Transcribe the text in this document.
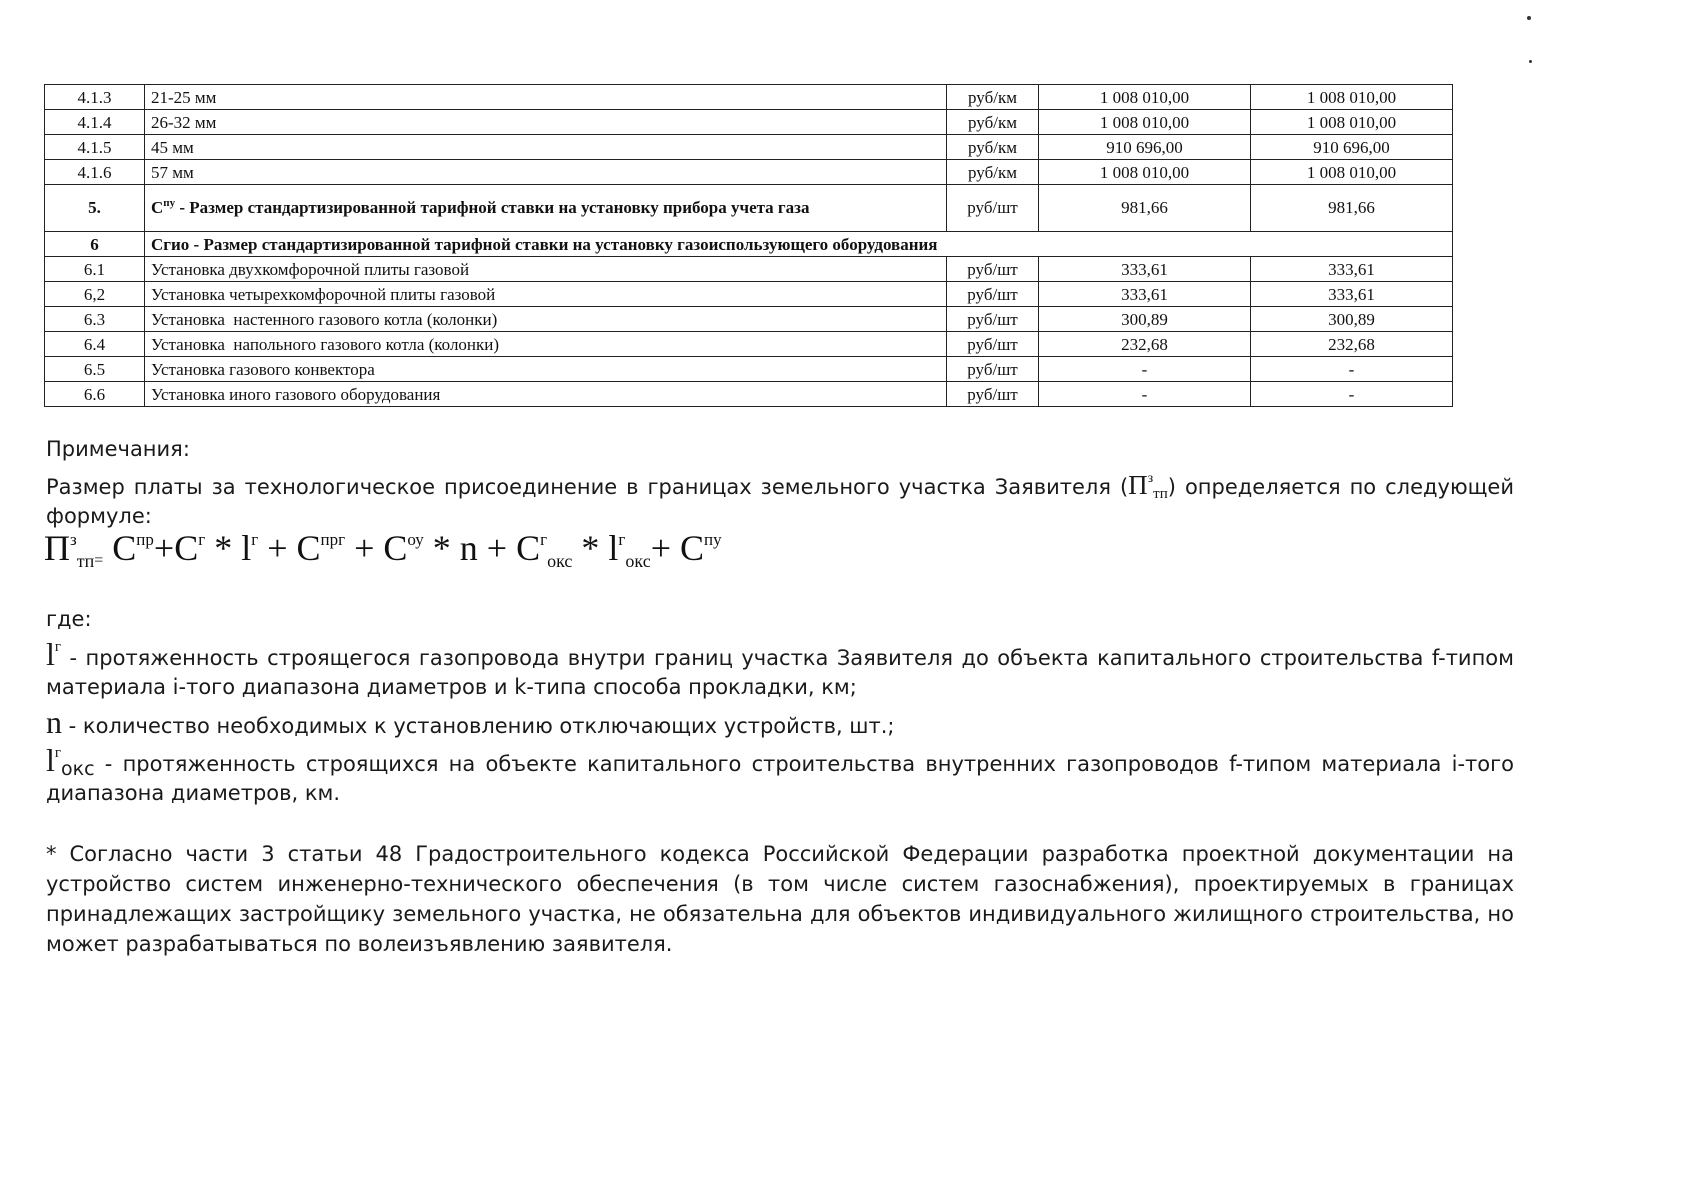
4.1.3	21-25 мм	руб/км	1 008 010,00	1 008 010,00
4.1.4	26-32 мм	руб/км	1 008 010,00	1 008 010,00
4.1.5	45 мм	руб/км	910 696,00	910 696,00
4.1.6	57 мм	руб/км	1 008 010,00	1 008 010,00
5.	$С^{пу}$ - Размер стандартизированной тарифной ставки на установку прибора учета газа	руб/шт	981,66	981,66
6	Сгио - Размер стандартизированной тарифной ставки на установку газоиспользующего оборудования			
6.1	Установка двухкомфорочной плиты газовой	руб/шт	333,61	333,61
6,2	Установка четырехкомфорочной плиты газовой	руб/шт	333,61	333,61
6.3	Установка  настенного газового котла (колонки)	руб/шт	300,89	300,89
6.4	Установка  напольного газового котла (колонки)	руб/шт	232,68	232,68
6.5	Установка газового конвектора	руб/шт	-	-
6.6	Установка иного газового оборудования	руб/шт	-	-
Примечания:
Размер платы за технологическое присоединение в границах земельного участка Заявителя $(П^з_{тп})$ определяется по следующей формуле:
$П^з_{тп}= С^{пр}+С^г * l^г + С^{прг} + С^{оу} * n + С^г_{окс} * l^г_{окс}+ С^{пу}$
где:
$l^г$ - протяженность строящегося газопровода внутри границ участка Заявителя до объекта капитального строительства f-типом материала i-того диапазона диаметров и k-типа способа прокладки, км;
n - количество необходимых к установлению отключающих устройств, шт.;
$l^г_{окс}$ - протяженность строящихся на объекте капитального строительства внутренних газопроводов f-типом материала i-того диапазона диаметров, км.
* Согласно части 3 статьи 48 Градостроительного кодекса Российской Федерации разработка проектной документации на устройство систем инженерно-технического обеспечения (в том числе систем газоснабжения), проектируемых в границах принадлежащих застройщику земельного участка, не обязательна для объектов индивидуального жилищного строительства, но может разрабатываться по волеизъявлению заявителя.
